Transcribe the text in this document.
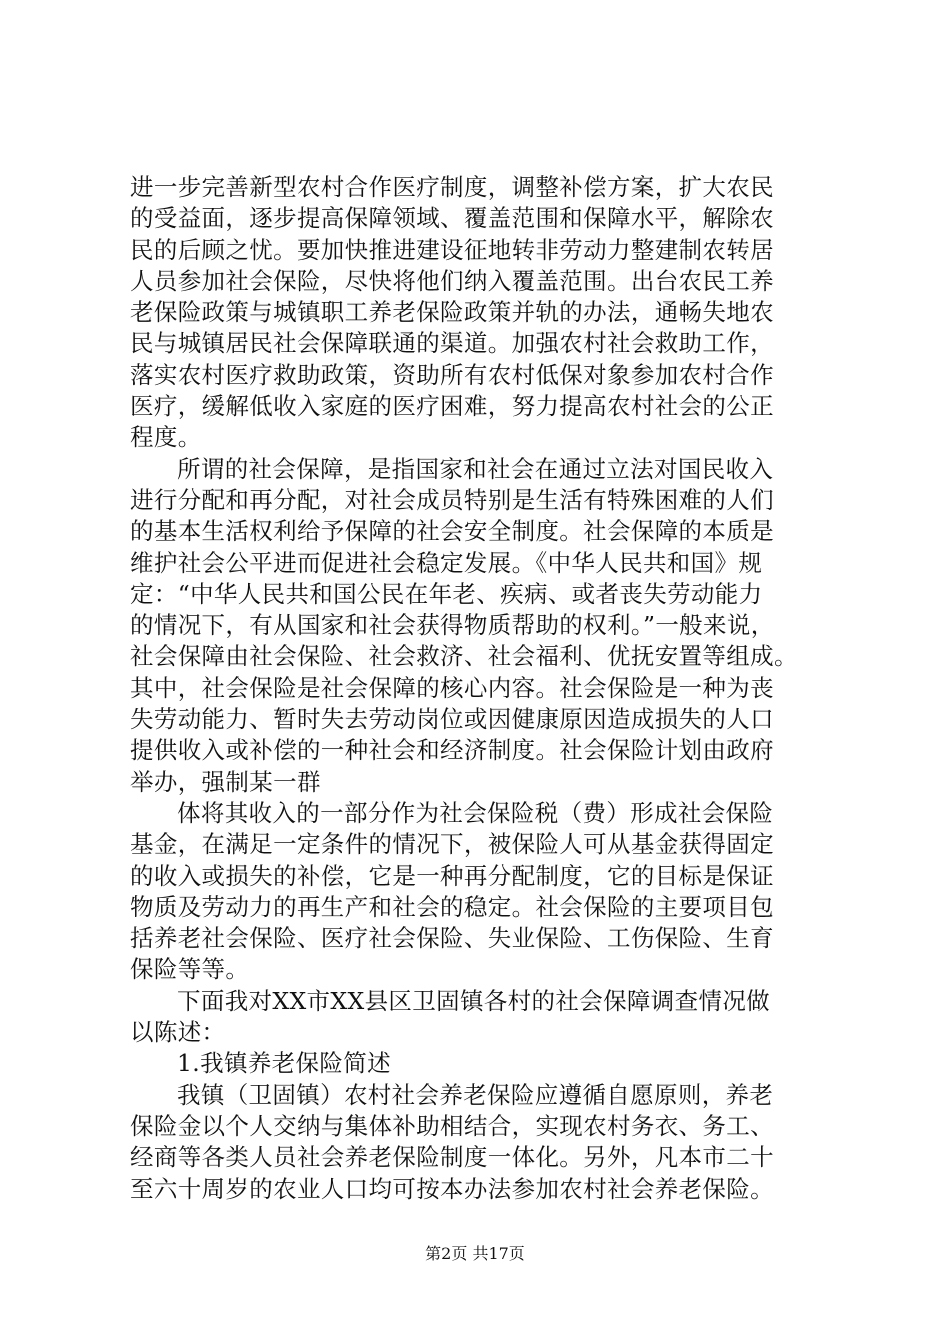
进一步完善新型农村合作医疗制度，调整补偿方案，扩大农民
的受益面，逐步提高保障领域、覆盖范围和保障水平，解除农
民的后顾之忧。要加快推进建设征地转非劳动力整建制农转居
人员参加社会保险，尽快将他们纳入覆盖范围。出台农民工养
老保险政策与城镇职工养老保险政策并轨的办法，通畅失地农
民与城镇居民社会保障联通的渠道。加强农村社会救助工作，
落实农村医疗救助政策，资助所有农村低保对象参加农村合作
医疗，缓解低收入家庭的医疗困难，努力提高农村社会的公正
程度。
所谓的社会保障，是指国家和社会在通过立法对国民收入
进行分配和再分配，对社会成员特别是生活有特殊困难的人们
的基本生活权利给予保障的社会安全制度。社会保障的本质是
维护社会公平进而促进社会稳定发展。《中华人民共和国》规
定：“中华人民共和国公民在年老、疾病、或者丧失劳动能力
的情况下，有从国家和社会获得物质帮助的权利。”一般来说，
社会保障由社会保险、社会救济、社会福利、优抚安置等组成。
其中，社会保险是社会保障的核心内容。社会保险是一种为丧
失劳动能力、暂时失去劳动岗位或因健康原因造成损失的人口
提供收入或补偿的一种社会和经济制度。社会保险计划由政府
举办，强制某一群
体将其收入的一部分作为社会保险税（费）形成社会保险
基金，在满足一定条件的情况下，被保险人可从基金获得固定
的收入或损失的补偿，它是一种再分配制度，它的目标是保证
物质及劳动力的再生产和社会的稳定。社会保险的主要项目包
括养老社会保险、医疗社会保险、失业保险、工伤保险、生育
保险等等。
下面我对XX市XX县区卫固镇各村的社会保障调查情况做
以陈述：
1.我镇养老保险简述
我镇（卫固镇）农村社会养老保险应遵循自愿原则，养老
保险金以个人交纳与集体补助相结合，实现农村务衣、务工、
经商等各类人员社会养老保险制度一体化。另外，凡本市二十
至六十周岁的农业人口均可按本办法参加农村社会养老保险。
第2页 共17页
